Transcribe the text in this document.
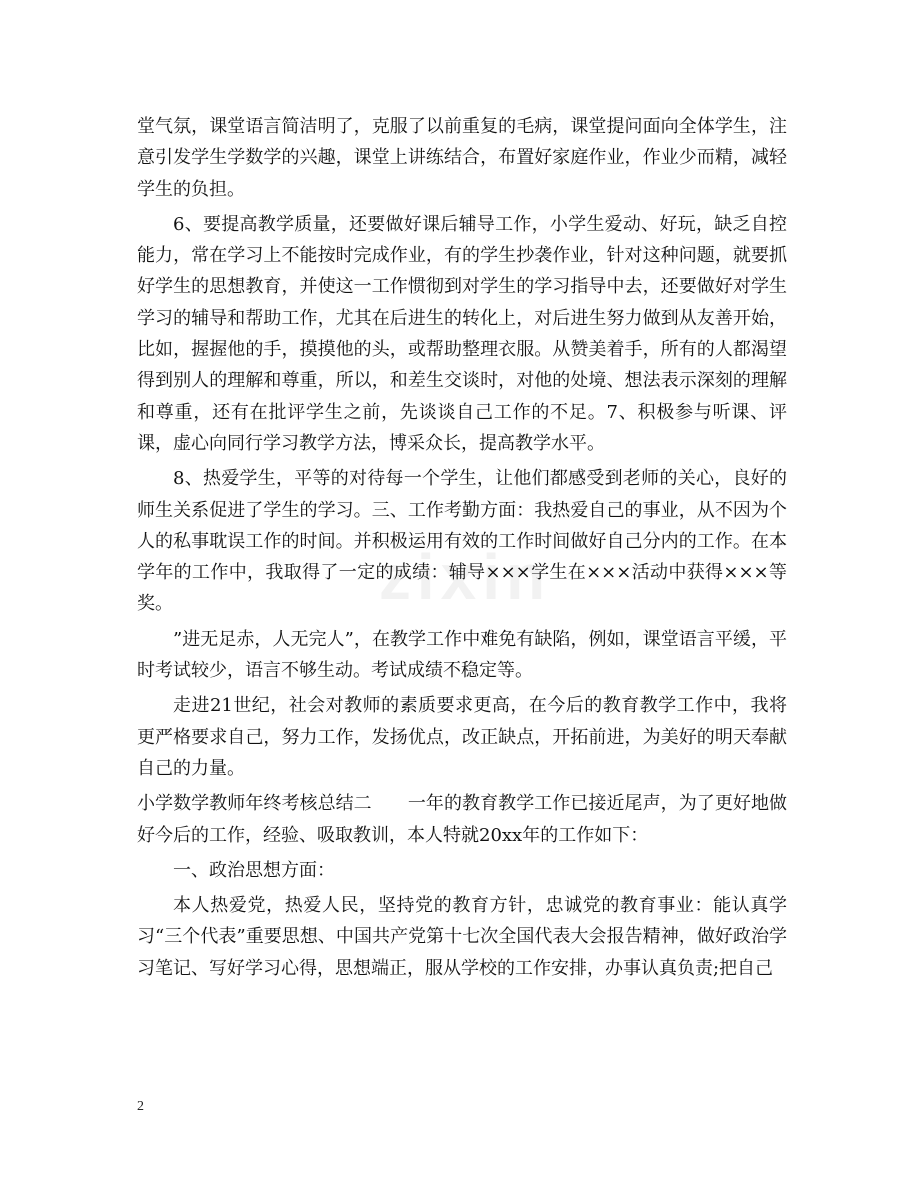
zixin

堂气氛，课堂语言简洁明了，克服了以前重复的毛病，课堂提问面向全体学生，注意引发学生学数学的兴趣，课堂上讲练结合，布置好家庭作业，作业少而精，减轻学生的负担。

6、要提高教学质量，还要做好课后辅导工作，小学生爱动、好玩，缺乏自控能力，常在学习上不能按时完成作业，有的学生抄袭作业，针对这种问题，就要抓好学生的思想教育，并使这一工作惯彻到对学生的学习指导中去，还要做好对学生学习的辅导和帮助工作，尤其在后进生的转化上，对后进生努力做到从友善开始，比如，握握他的手，摸摸他的头，或帮助整理衣服。从赞美着手，所有的人都渴望得到别人的理解和尊重，所以，和差生交谈时，对他的处境、想法表示深刻的理解和尊重，还有在批评学生之前，先谈谈自己工作的不足。7、积极参与听课、评课，虚心向同行学习教学方法，博采众长，提高教学水平。

8、热爱学生，平等的对待每一个学生，让他们都感受到老师的关心，良好的师生关系促进了学生的学习。三、工作考勤方面：我热爱自己的事业，从不因为个人的私事耽误工作的时间。并积极运用有效的工作时间做好自己分内的工作。在本学年的工作中，我取得了一定的成绩：辅导×××学生在×××活动中获得×××等奖。

”进无足赤，人无完人”，在教学工作中难免有缺陷，例如，课堂语言平缓，平时考试较少，语言不够生动。考试成绩不稳定等。

走进21世纪，社会对教师的素质要求更高，在今后的教育教学工作中，我将更严格要求自己，努力工作，发扬优点，改正缺点，开拓前进，为美好的明天奉献自己的力量。

小学数学教师年终考核总结二　　一年的教育教学工作已接近尾声，为了更好地做好今后的工作，经验、吸取教训，本人特就20xx年的工作如下：

一、政治思想方面：

本人热爱党，热爱人民，坚持党的教育方针，忠诚党的教育事业：能认真学习“三个代表”重要思想、中国共产党第十七次全国代表大会报告精神，做好政治学习笔记、写好学习心得，思想端正，服从学校的工作安排，办事认真负责;把自己

2
